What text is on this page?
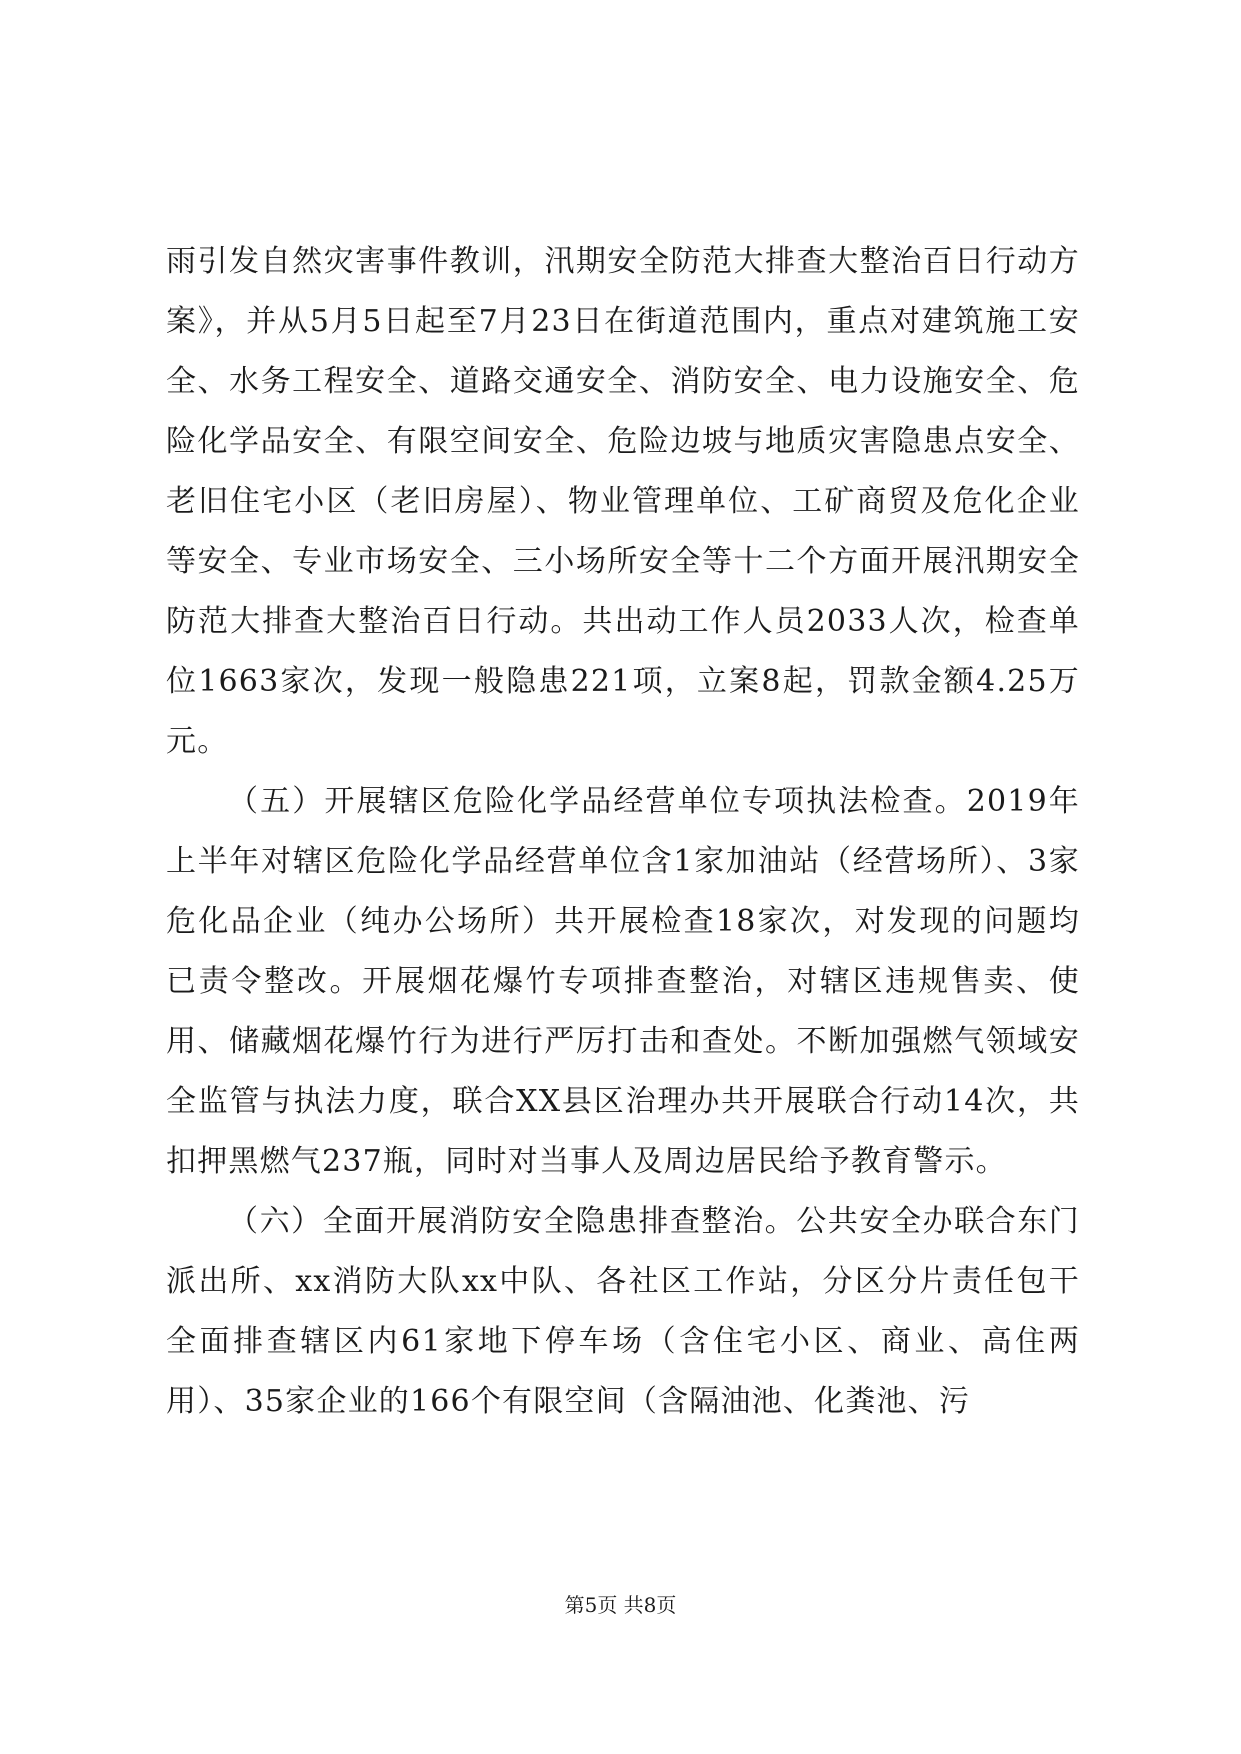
雨引发自然灾害事件教训，汛期安全防范大排查大整治百日行动方案》，并从5月5日起至7月23日在街道范围内，重点对建筑施工安全、水务工程安全、道路交通安全、消防安全、电力设施安全、危险化学品安全、有限空间安全、危险边坡与地质灾害隐患点安全、老旧住宅小区（老旧房屋）、物业管理单位、工矿商贸及危化企业等安全、专业市场安全、三小场所安全等十二个方面开展汛期安全防范大排查大整治百日行动。共出动工作人员2033人次，检查单位1663家次，发现一般隐患221项，立案8起，罚款金额4.25万元。

（五）开展辖区危险化学品经营单位专项执法检查。2019年上半年对辖区危险化学品经营单位含1家加油站（经营场所）、3家危化品企业（纯办公场所）共开展检查18家次，对发现的问题均已责令整改。开展烟花爆竹专项排查整治，对辖区违规售卖、使用、储藏烟花爆竹行为进行严厉打击和查处。不断加强燃气领域安全监管与执法力度，联合XX县区治理办共开展联合行动14次，共扣押黑燃气237瓶，同时对当事人及周边居民给予教育警示。

（六）全面开展消防安全隐患排查整治。公共安全办联合东门派出所、xx消防大队xx中队、各社区工作站，分区分片责任包干全面排查辖区内61家地下停车场（含住宅小区、商业、高住两用）、35家企业的166个有限空间（含隔油池、化粪池、污

第5页 共8页
